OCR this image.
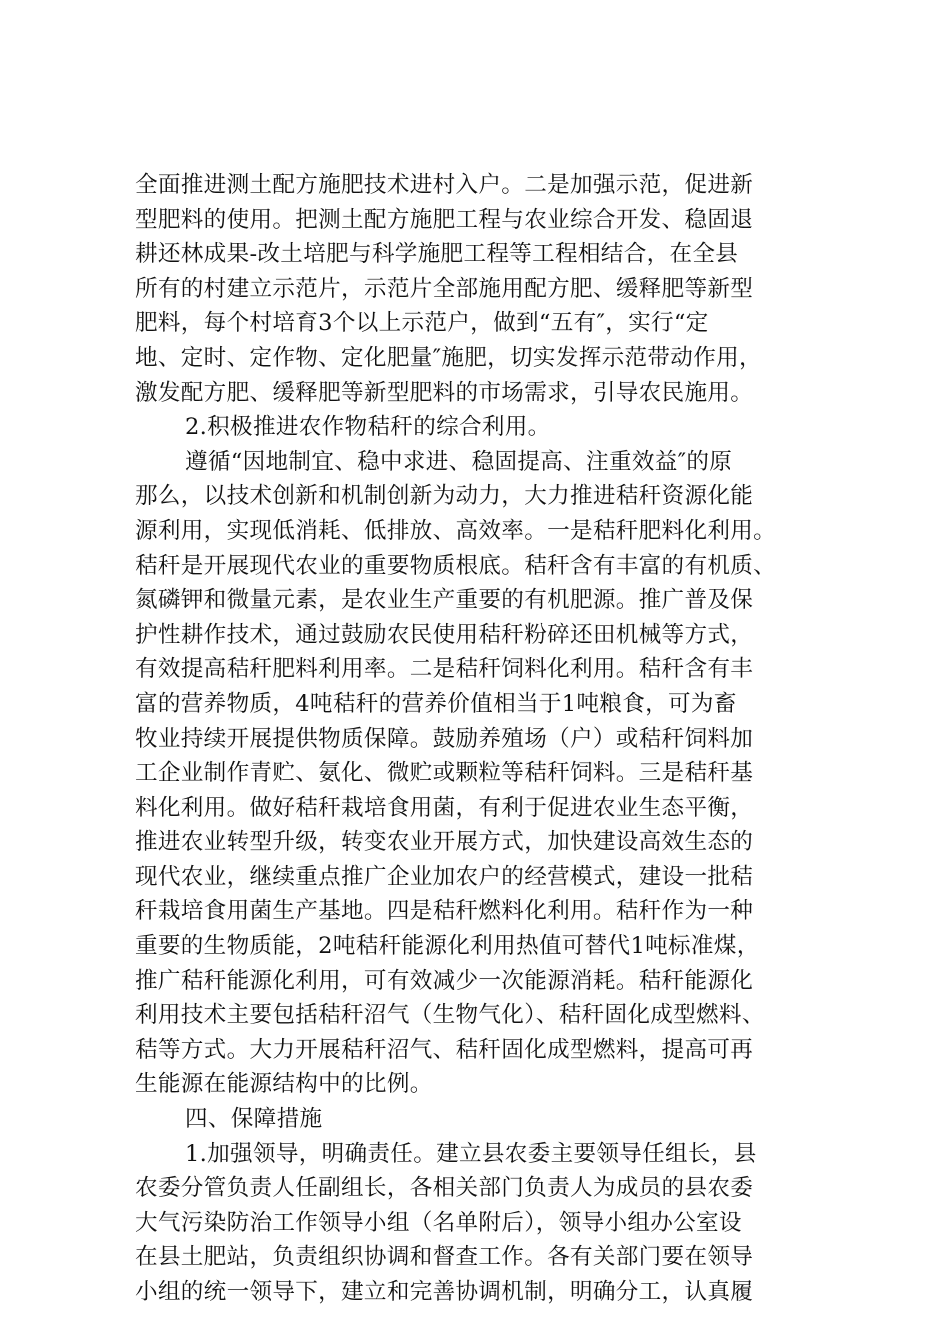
全面推进测土配方施肥技术进村入户。二是加强示范，促进新
型肥料的使用。把测土配方施肥工程与农业综合开发、稳固退
耕还林成果-改土培肥与科学施肥工程等工程相结合，在全县
所有的村建立示范片，示范片全部施用配方肥、缓释肥等新型
肥料，每个村培育3个以上示范户，做到“五有″，实行“定
地、定时、定作物、定化肥量″施肥，切实发挥示范带动作用，
激发配方肥、缓释肥等新型肥料的市场需求，引导农民施用。
2.积极推进农作物秸秆的综合利用。
遵循“因地制宜、稳中求进、稳固提高、注重效益″的原
那么，以技术创新和机制创新为动力，大力推进秸秆资源化能
源利用，实现低消耗、低排放、高效率。一是秸秆肥料化利用。
秸秆是开展现代农业的重要物质根底。秸秆含有丰富的有机质、
氮磷钾和微量元素，是农业生产重要的有机肥源。推广普及保
护性耕作技术，通过鼓励农民使用秸秆粉碎还田机械等方式，
有效提高秸秆肥料利用率。二是秸秆饲料化利用。秸秆含有丰
富的营养物质，4吨秸秆的营养价值相当于1吨粮食，可为畜
牧业持续开展提供物质保障。鼓励养殖场（户）或秸秆饲料加
工企业制作青贮、氨化、微贮或颗粒等秸秆饲料。三是秸秆基
料化利用。做好秸秆栽培食用菌，有利于促进农业生态平衡，
推进农业转型升级，转变农业开展方式，加快建设高效生态的
现代农业，继续重点推广企业加农户的经营模式，建设一批秸
秆栽培食用菌生产基地。四是秸秆燃料化利用。秸秆作为一种
重要的生物质能，2吨秸秆能源化利用热值可替代1吨标准煤，
推广秸秆能源化利用，可有效减少一次能源消耗。秸秆能源化
利用技术主要包括秸秆沼气（生物气化）、秸秆固化成型燃料、
秸等方式。大力开展秸秆沼气、秸秆固化成型燃料，提高可再
生能源在能源结构中的比例。
四、保障措施
1.加强领导，明确责任。建立县农委主要领导任组长，县
农委分管负责人任副组长，各相关部门负责人为成员的县农委
大气污染防治工作领导小组（名单附后），领导小组办公室设
在县土肥站，负责组织协调和督查工作。各有关部门要在领导
小组的统一领导下，建立和完善协调机制，明确分工，认真履
